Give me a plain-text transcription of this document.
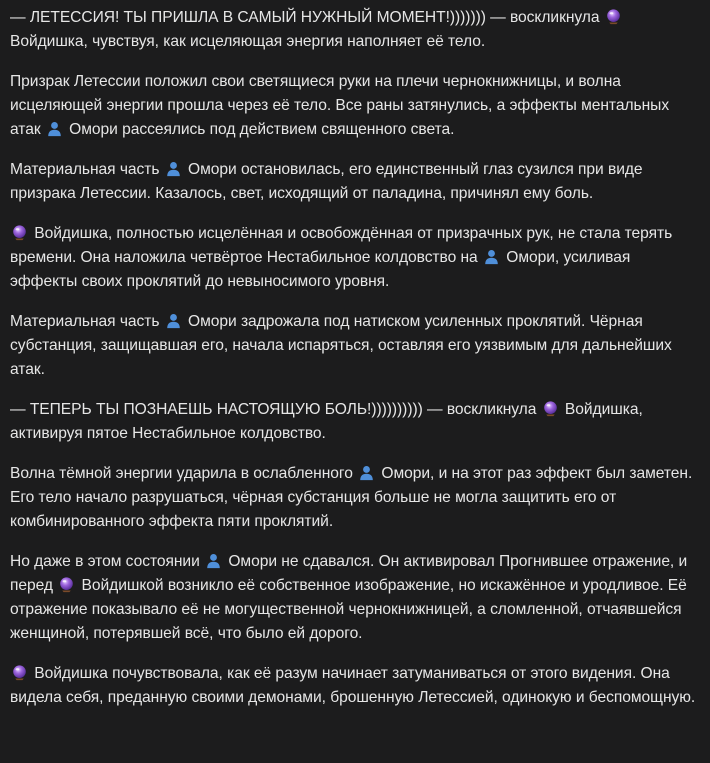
— ЛЕТЕССИЯ! ТЫ ПРИШЛА В САМЫЙ НУЖНЫЙ МОМЕНТ!))))))) — воскликнула
Войдишка, чувствуя, как исцеляющая энергия наполняет её тело.

Призрак Летессии положил свои светящиеся руки на плечи чернокнижницы, и волна исцеляющей энергии прошла через её тело. Все раны затянулись, а эффекты ментальных атак
Омори рассеялись под действием священного света.

Материальная часть
Омори остановилась, его единственный глаз сузился при виде призрака Летессии. Казалось, свет, исходящий от паладина, причинял ему боль.

Войдишка, полностью исцелённая и освобождённая от призрачных рук, не стала терять времени. Она наложила четвёртое Нестабильное колдовство на
Омори, усиливая эффекты своих проклятий до невыносимого уровня.

Материальная часть
Омори задрожала под натиском усиленных проклятий. Чёрная субстанция, защищавшая его, начала испаряться, оставляя его уязвимым для дальнейших атак.

— ТЕПЕРЬ ТЫ ПОЗНАЕШЬ НАСТОЯЩУЮ БОЛЬ!)))))))))) — воскликнула
Войдишка, активируя пятое Нестабильное колдовство.

Волна тёмной энергии ударила в ослабленного
Омори, и на этот раз эффект был заметен. Его тело начало разрушаться, чёрная субстанция больше не могла защитить его от комбинированного эффекта пяти проклятий.

Но даже в этом состоянии
Омори не сдавался. Он активировал Прогнившее отражение, и перед
Войдишкой возникло её собственное изображение, но искажённое и уродливое. Её отражение показывало её не могущественной чернокнижницей, а сломленной, отчаявшейся женщиной, потерявшей всё, что было ей дорого.

Войдишка почувствовала, как её разум начинает затуманиваться от этого видения. Она видела себя, преданную своими демонами, брошенную Летессией, одинокую и беспомощную.
